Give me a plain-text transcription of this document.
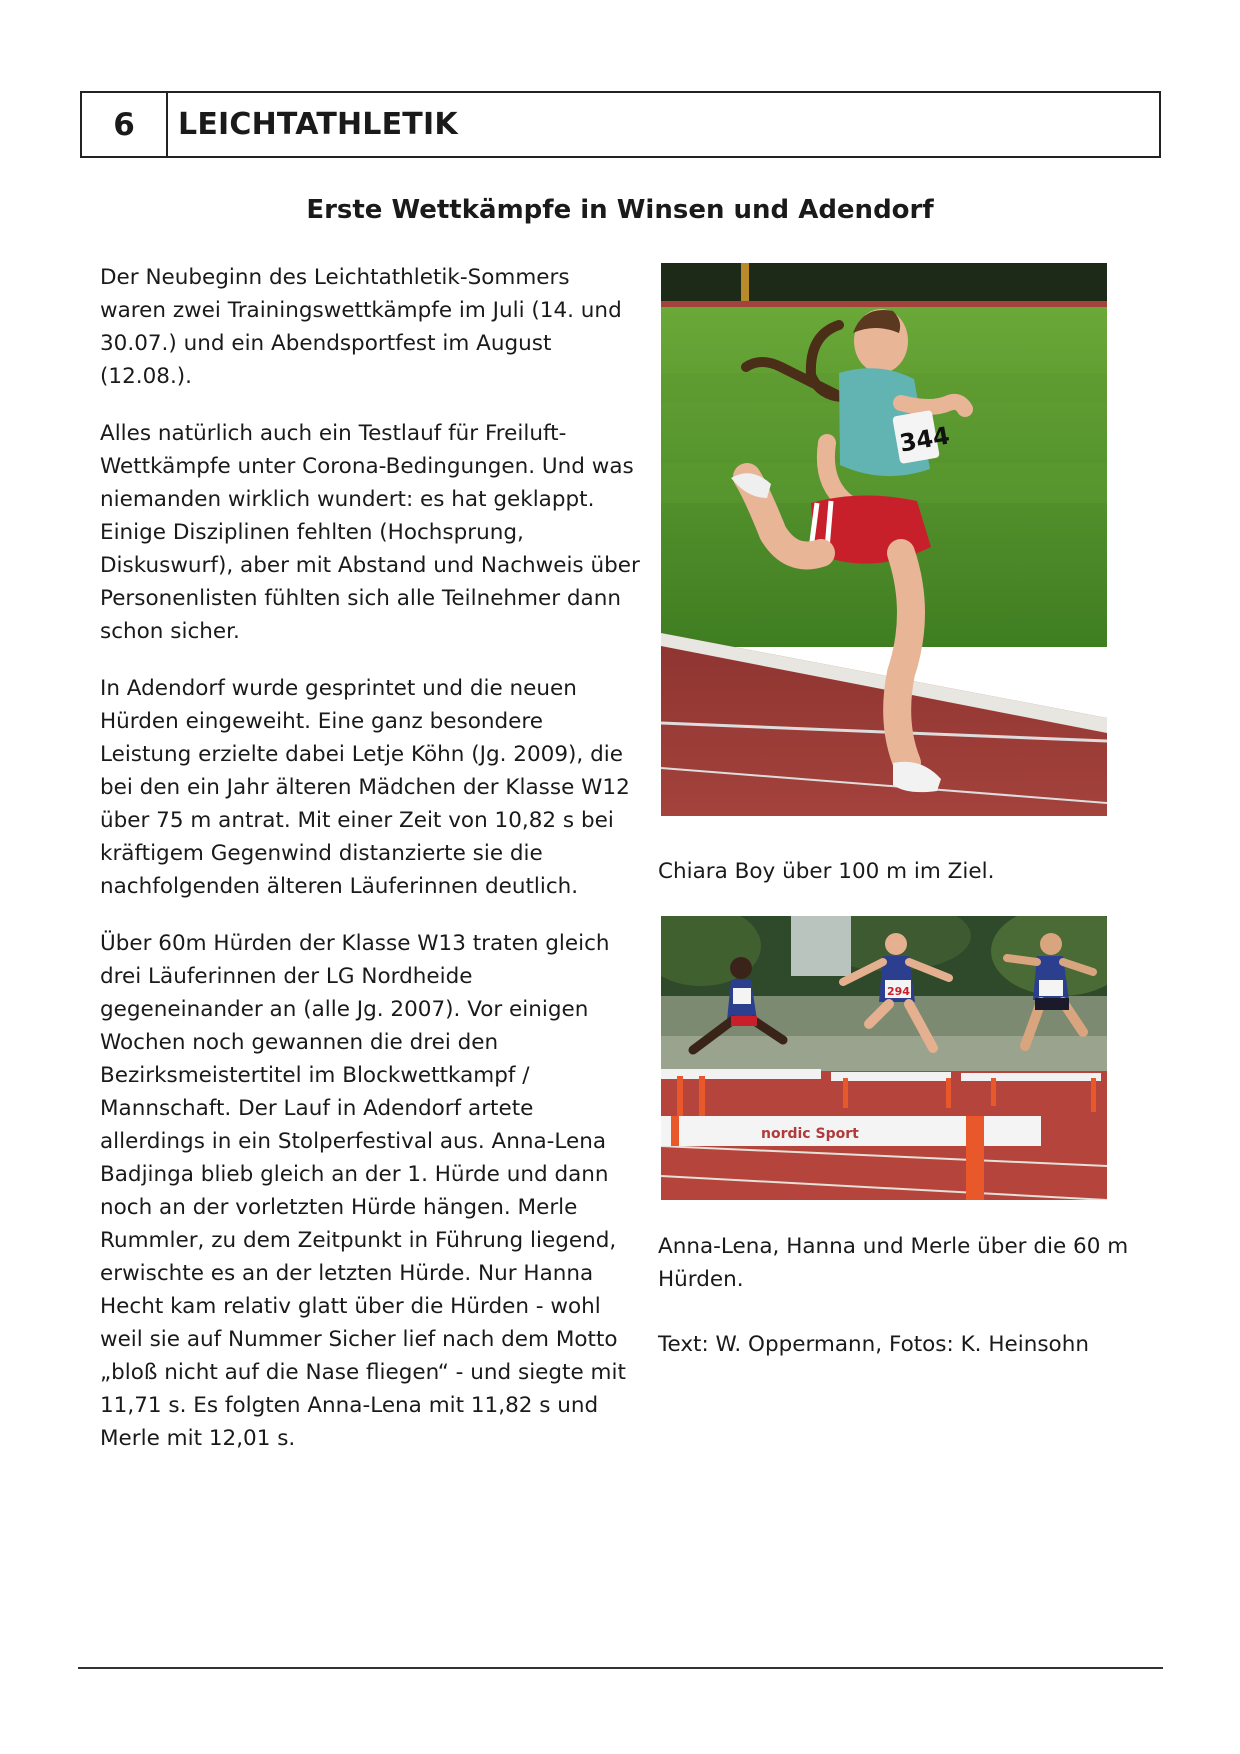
6	LEICHTATHLETIK
Erste Wettkämpfe in Winsen und Adendorf

Der Neubeginn des Leichtathletik-Sommers waren zwei Trainingswettkämpfe im Juli (14. und 30.07.) und ein Abendsportfest im August (12.08.).

Alles natürlich auch ein Testlauf für Freiluft-Wettkämpfe unter Corona-Bedingungen. Und was niemanden wirklich wundert: es hat geklappt. Einige Disziplinen fehlten (Hochsprung, Diskuswurf), aber mit Abstand und Nachweis über Personenlisten fühlten sich alle Teilnehmer dann schon sicher.

In Adendorf wurde gesprintet und die neuen Hürden eingeweiht. Eine ganz besondere Leistung erzielte dabei Letje Köhn (Jg. 2009), die bei den ein Jahr älteren Mädchen der Klasse W12 über 75 m antrat. Mit einer Zeit von 10,82 s bei kräftigem Gegenwind distanzierte sie die nachfolgenden älteren Läuferinnen deutlich.

Über 60m Hürden der Klasse W13 traten gleich drei Läuferinnen der LG Nordheide gegeneinander an (alle Jg. 2007). Vor einigen Wochen noch gewannen die drei den Bezirksmeistertitel im Blockwettkampf / Mannschaft. Der Lauf in Adendorf artete allerdings in ein Stolperfestival aus. Anna-Lena Badjinga blieb gleich an der 1. Hürde und dann noch an der vorletzten Hürde hängen. Merle Rummler, zu dem Zeitpunkt in Führung liegend, erwischte es an der letzten Hürde. Nur Hanna Hecht kam relativ glatt über die Hürden - wohl weil sie auf Nummer Sicher lief nach dem Motto „bloß nicht auf die Nase fliegen“ - und siegte mit 11,71 s. Es folgten Anna-Lena mit 11,82 s und Merle mit 12,01 s.

344
Chiara Boy über 100 m im Ziel.
nordic Sport
294
Anna-Lena, Hanna und Merle über die 60 m Hürden.
Text: W. Oppermann, Fotos: K. Heinsohn
